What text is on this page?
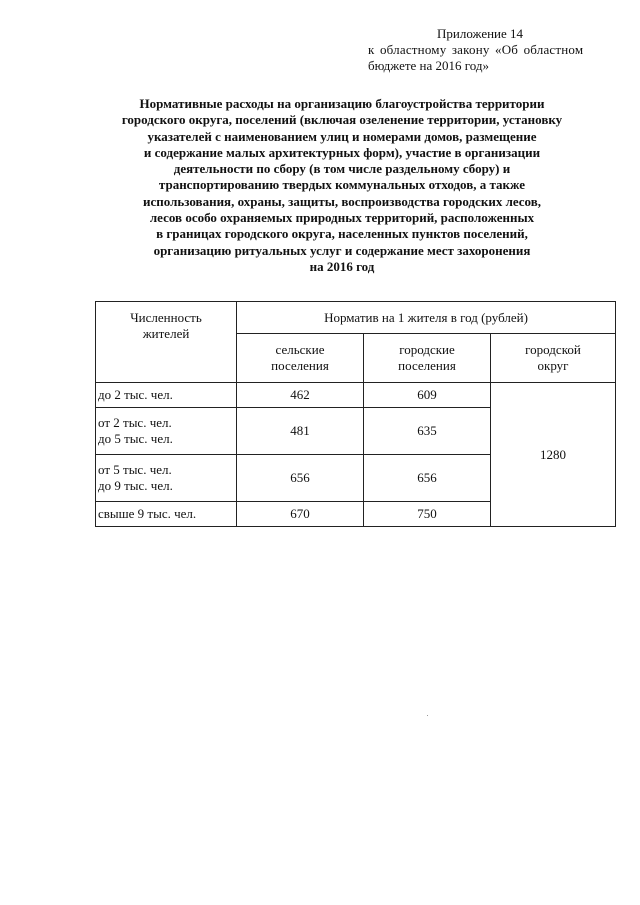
Приложение 14
к областному закону «Об областном
бюджете на 2016 год»
Нормативные расходы на организацию благоустройства территории
городского округа, поселений (включая озеленение территории, установку
указателей с наименованием улиц и номерами домов, размещение
и содержание малых архитектурных форм), участие в организации
деятельности по сбору (в том числе раздельному сбору) и
транспортированию твердых коммунальных отходов, а также
использования, охраны, защиты, воспроизводства городских лесов,
лесов особо охраняемых природных территорий, расположенных
в границах городского округа, населенных пунктов поселений,
организацию ритуальных услуг и содержание мест захоронения
на 2016 год
Численность жителей	Норматив на 1 жителя в год (рублей)		

	сельские поселения	городские поселения	городской округ

до 2 тыс. чел.	462	609	1280

от 2 тыс. чел.
до 5 тыс. чел.	481	635	

от 5 тыс. чел.
до 9 тыс. чел.	656	656	

свыше 9 тыс. чел.	670	750	
